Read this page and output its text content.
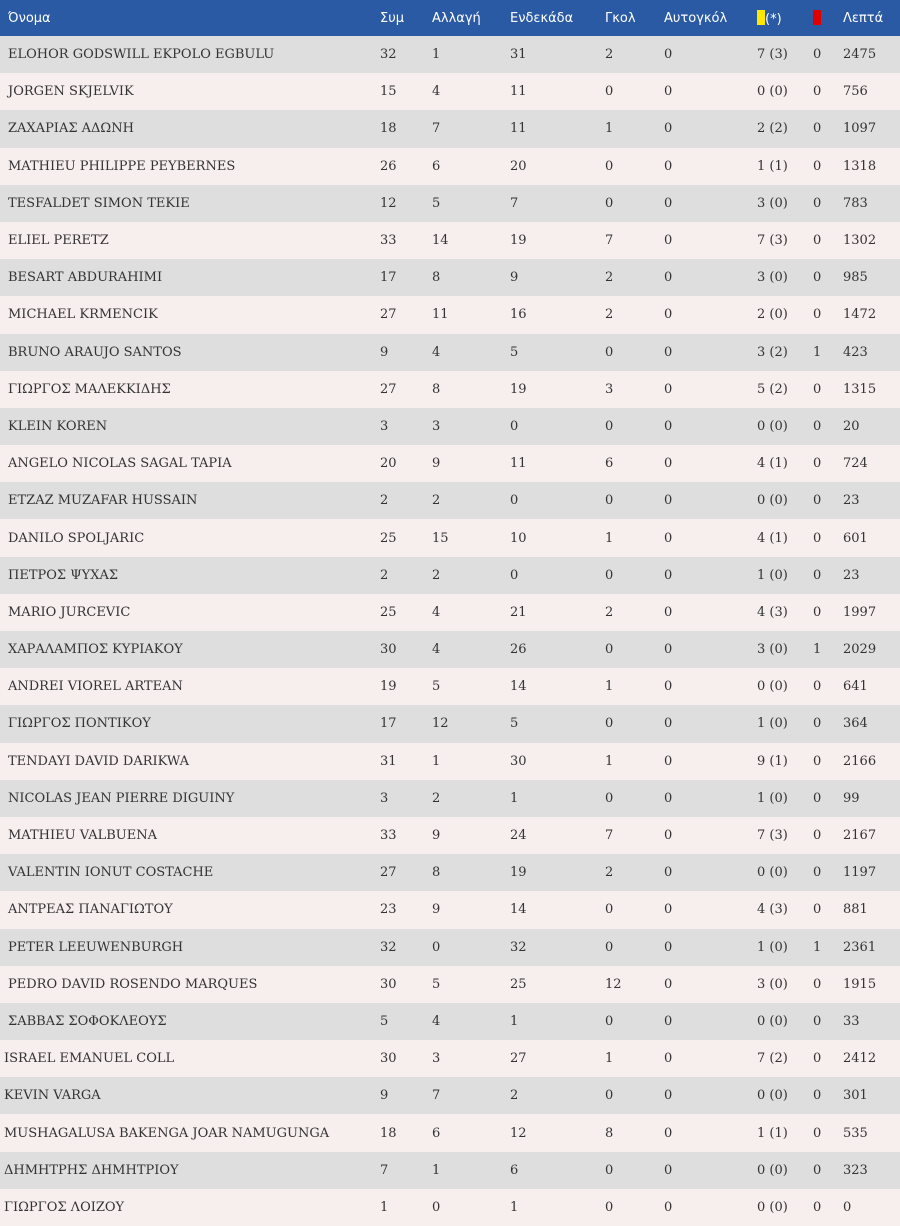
Όνομα	Συμ	Αλλαγή	Ενδεκάδα	Γκολ	Αυτογκόλ	(*)		Λεπτά
ELOHOR GODSWILL EKPOLO EGBULU	32	1	31	2	0	7 (3)	0	2475
JORGEN SKJELVIK	15	4	11	0	0	0 (0)	0	756
ΖΑΧΑΡΙΑΣ ΑΔΩΝΗ	18	7	11	1	0	2 (2)	0	1097
MATHIEU PHILIPPE PEYBERNES	26	6	20	0	0	1 (1)	0	1318
TESFALDET SIMON TEKIE	12	5	7	0	0	3 (0)	0	783
ELIEL PERETZ	33	14	19	7	0	7 (3)	0	1302
BESART ABDURAHIMI	17	8	9	2	0	3 (0)	0	985
MICHAEL KRMENCIK	27	11	16	2	0	2 (0)	0	1472
BRUNO ARAUJO SANTOS	9	4	5	0	0	3 (2)	1	423
ΓΙΩΡΓΟΣ ΜΑΛΕΚΚΙΔΗΣ	27	8	19	3	0	5 (2)	0	1315
KLEIN KOREN	3	3	0	0	0	0 (0)	0	20
ANGELO NICOLAS SAGAL TAPIA	20	9	11	6	0	4 (1)	0	724
ETZAZ MUZAFAR HUSSAIN	2	2	0	0	0	0 (0)	0	23
DANILO SPOLJARIC	25	15	10	1	0	4 (1)	0	601
ΠΕΤΡΟΣ ΨΥΧΑΣ	2	2	0	0	0	1 (0)	0	23
MARIO JURCEVIC	25	4	21	2	0	4 (3)	0	1997
ΧΑΡΑΛΑΜΠΟΣ ΚΥΡΙΑΚΟΥ	30	4	26	0	0	3 (0)	1	2029
ANDREI VIOREL ARTEAN	19	5	14	1	0	0 (0)	0	641
ΓΙΩΡΓΟΣ ΠΟΝΤΙΚΟΥ	17	12	5	0	0	1 (0)	0	364
TENDAYI DAVID DARIKWA	31	1	30	1	0	9 (1)	0	2166
NICOLAS JEAN PIERRE DIGUINY	3	2	1	0	0	1 (0)	0	99
MATHIEU VALBUENA	33	9	24	7	0	7 (3)	0	2167
VALENTIN IONUT COSTACHE	27	8	19	2	0	0 (0)	0	1197
ΑΝΤΡΕΑΣ ΠΑΝΑΓΙΩΤΟΥ	23	9	14	0	0	4 (3)	0	881
PETER LEEUWENBURGH	32	0	32	0	0	1 (0)	1	2361
PEDRO DAVID ROSENDO MARQUES	30	5	25	12	0	3 (0)	0	1915
ΣΑΒΒΑΣ ΣΟΦΟΚΛΕΟΥΣ	5	4	1	0	0	0 (0)	0	33
ISRAEL EMANUEL COLL	30	3	27	1	0	7 (2)	0	2412
KEVIN VARGA	9	7	2	0	0	0 (0)	0	301
MUSHAGALUSA BAKENGA JOAR NAMUGUNGA	18	6	12	8	0	1 (1)	0	535
ΔΗΜΗΤΡΗΣ ΔΗΜΗΤΡΙΟΥ	7	1	6	0	0	0 (0)	0	323
ΓΙΩΡΓΟΣ ΛΟΙΖΟΥ	1	0	1	0	0	0 (0)	0	0
